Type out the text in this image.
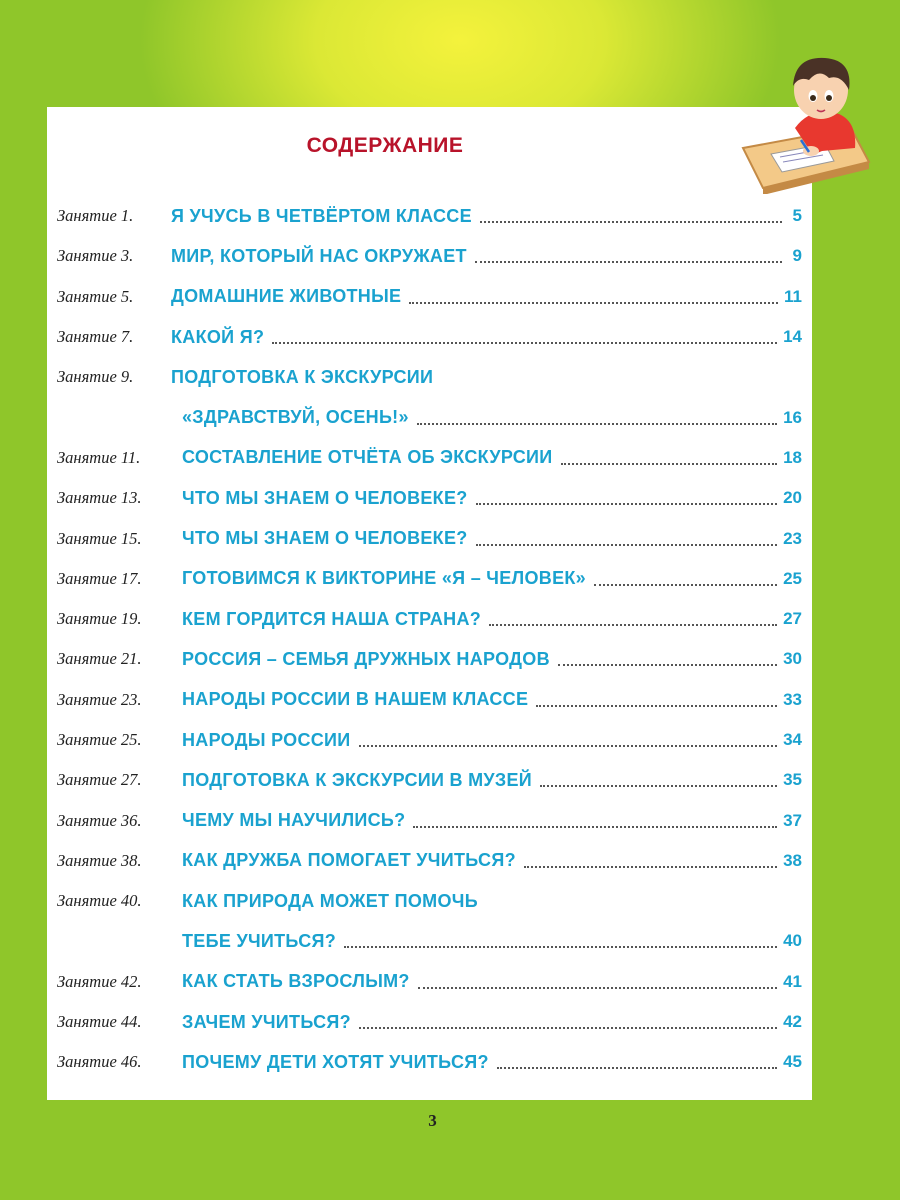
СОДЕРЖАНИЕ
Занятие 1.	Я УЧУСЬ В ЧЕТВЁРТОМ КЛАССЕ	5
Занятие 3.	МИР, КОТОРЫЙ НАС ОКРУЖАЕТ	9
Занятие 5.	ДОМАШНИЕ ЖИВОТНЫЕ	11
Занятие 7.	КАКОЙ Я?	14
Занятие 9.	ПОДГОТОВКА К ЭКСКУРСИИ
«ЗДРАВСТВУЙ, ОСЕНЬ!»	16
Занятие 11.	СОСТАВЛЕНИЕ ОТЧЁТА ОБ ЭКСКУРСИИ	18
Занятие 13.	ЧТО МЫ ЗНАЕМ О ЧЕЛОВЕКЕ?	20
Занятие 15.	ЧТО МЫ ЗНАЕМ О ЧЕЛОВЕКЕ?	23
Занятие 17.	ГОТОВИМСЯ К ВИКТОРИНЕ «Я – ЧЕЛОВЕК»	25
Занятие 19.	КЕМ ГОРДИТСЯ НАША СТРАНА?	27
Занятие 21.	РОССИЯ – СЕМЬЯ ДРУЖНЫХ НАРОДОВ	30
Занятие 23.	НАРОДЫ РОССИИ В НАШЕМ КЛАССЕ	33
Занятие 25.	НАРОДЫ РОССИИ	34
Занятие 27.	ПОДГОТОВКА К ЭКСКУРСИИ В МУЗЕЙ	35
Занятие 36.	ЧЕМУ МЫ НАУЧИЛИСЬ?	37
Занятие 38.	КАК ДРУЖБА ПОМОГАЕТ УЧИТЬСЯ?	38
Занятие 40.	КАК ПРИРОДА МОЖЕТ ПОМОЧЬ
ТЕБЕ УЧИТЬСЯ?	40
Занятие 42.	КАК СТАТЬ ВЗРОСЛЫМ?	41
Занятие 44.	ЗАЧЕМ УЧИТЬСЯ?	42
Занятие 46.	ПОЧЕМУ ДЕТИ ХОТЯТ УЧИТЬСЯ?	45
3
